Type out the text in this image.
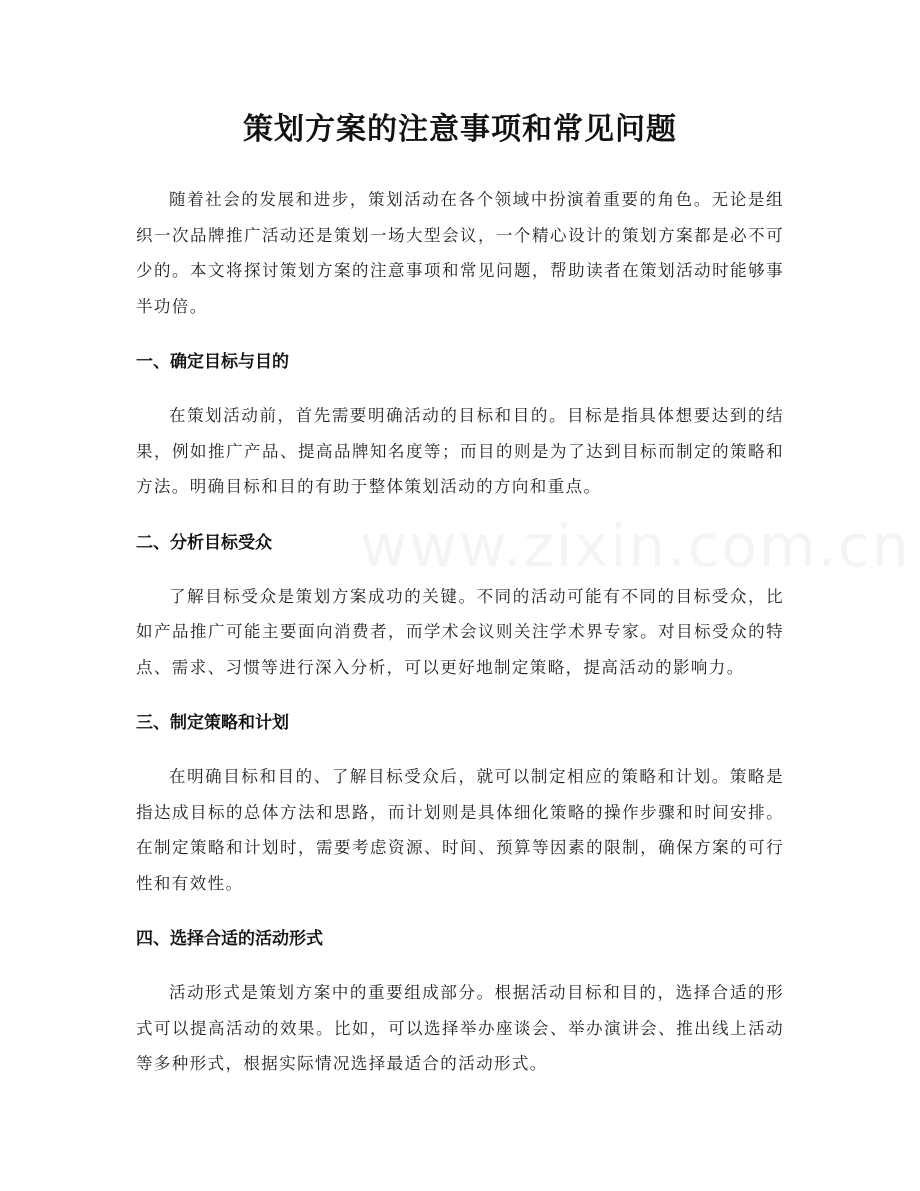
策划方案的注意事项和常见问题

随着社会的发展和进步，策划活动在各个领域中扮演着重要的角色。无论是组织一次品牌推广活动还是策划一场大型会议，一个精心设计的策划方案都是必不可少的。本文将探讨策划方案的注意事项和常见问题，帮助读者在策划活动时能够事半功倍。

一、确定目标与目的

在策划活动前，首先需要明确活动的目标和目的。目标是指具体想要达到的结果，例如推广产品、提高品牌知名度等；而目的则是为了达到目标而制定的策略和方法。明确目标和目的有助于整体策划活动的方向和重点。

二、分析目标受众

了解目标受众是策划方案成功的关键。不同的活动可能有不同的目标受众，比如产品推广可能主要面向消费者，而学术会议则关注学术界专家。对目标受众的特点、需求、习惯等进行深入分析，可以更好地制定策略，提高活动的影响力。

三、制定策略和计划

在明确目标和目的、了解目标受众后，就可以制定相应的策略和计划。策略是指达成目标的总体方法和思路，而计划则是具体细化策略的操作步骤和时间安排。在制定策略和计划时，需要考虑资源、时间、预算等因素的限制，确保方案的可行性和有效性。

四、选择合适的活动形式

活动形式是策划方案中的重要组成部分。根据活动目标和目的，选择合适的形式可以提高活动的效果。比如，可以选择举办座谈会、举办演讲会、推出线上活动等多种形式，根据实际情况选择最适合的活动形式。
